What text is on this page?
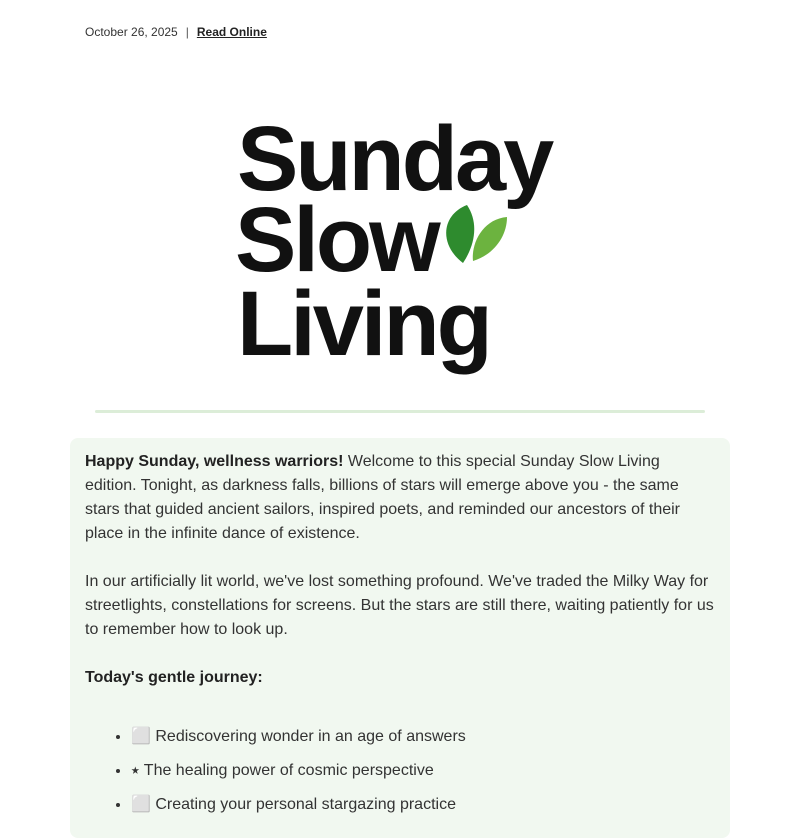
October 26, 2025 | Read Online
Sunday
Slow
Living

Happy Sunday, wellness warriors! Welcome to this special Sunday Slow Living edition. Tonight, as darkness falls, billions of stars will emerge above you - the same stars that guided ancient sailors, inspired poets, and reminded our ancestors of their place in the infinite dance of existence.

In our artificially lit world, we've lost something profound. We've traded the Milky Way for streetlights, constellations for screens. But the stars are still there, waiting patiently for us to remember how to look up.

Today's gentle journey:
• ⬜ Rediscovering wonder in an age of answers
• ⭑ The healing power of cosmic perspective
• ⬜ Creating your personal stargazing practice
